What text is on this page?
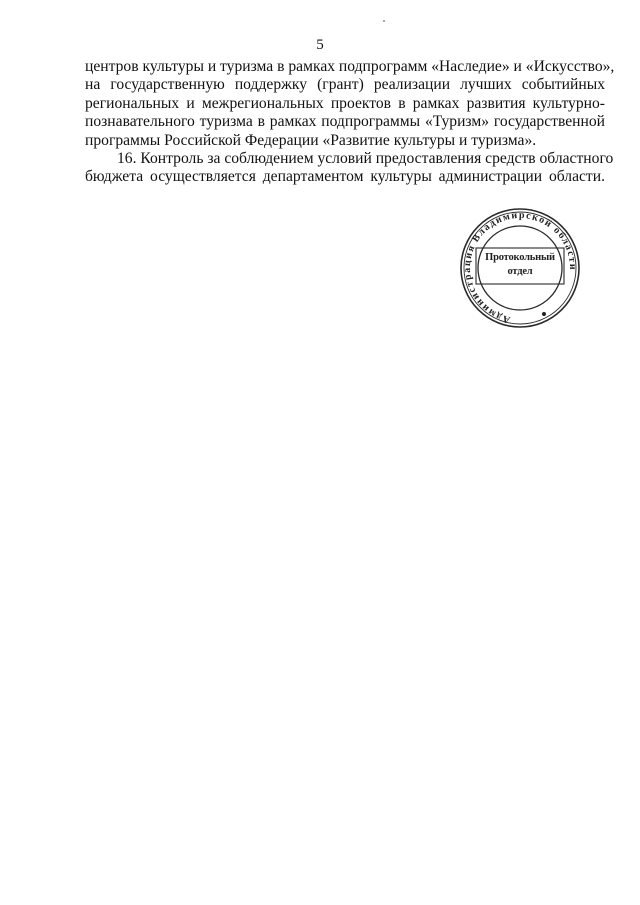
5
центров культуры и туризма в рамках подпрограмм «Наследие» и «Искусство»,
на государственную поддержку (грант) реализации лучших событийных
региональных и межрегиональных проектов в рамках развития культурно-
познавательного туризма в рамках подпрограммы «Туризм» государственной
программы Российской Федерации «Развитие культуры и туризма».
16. Контроль за соблюдением условий предоставления средств областного
бюджета осуществляется департаментом культуры администрации области.
Администрация Владимирской области
Протокольный
отдел
